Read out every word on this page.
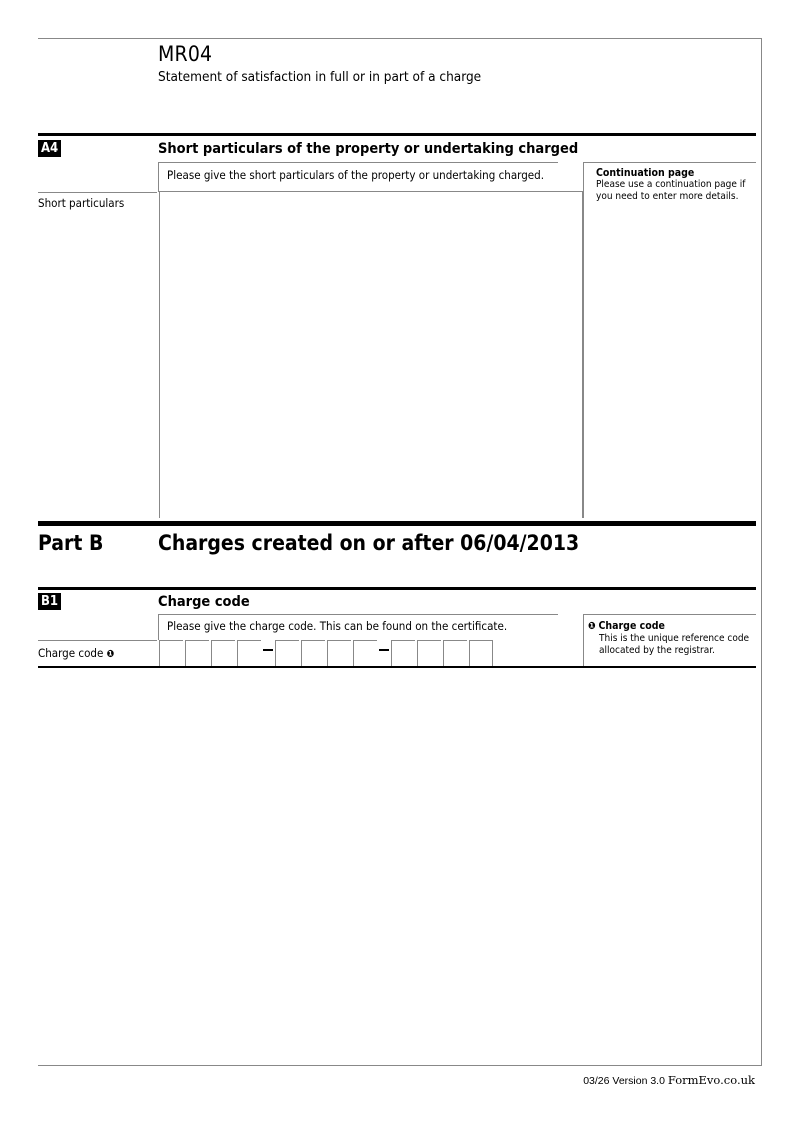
MR04
Statement of satisfaction in full or in part of a charge
A4	Short particulars of the property or undertaking charged
Please give the short particulars of the property or undertaking charged.	Continuation page
Please use a continuation page if you need to enter more details.
Short particulars
Part B	Charges created on or after 06/04/2013
B1	Charge code
Please give the charge code. This can be found on the certificate.	❶ Charge code
This is the unique reference code allocated by the registrar.
Charge code ❶
03/26 Version 3.0 FormEvo.co.uk
